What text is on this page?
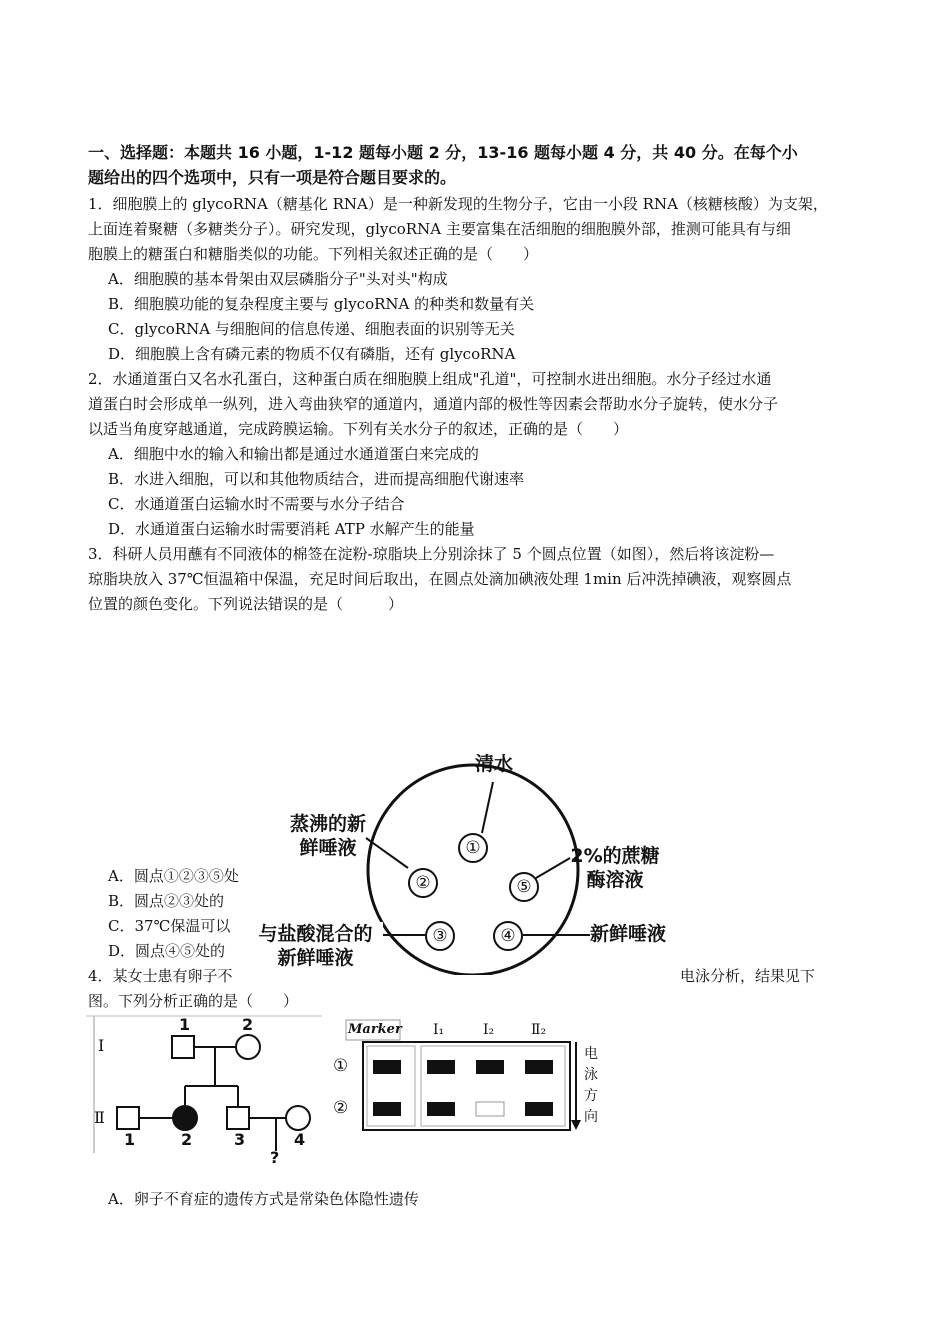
一、选择题：本题共 16 小题，1-12 题每小题 2 分，13-16 题每小题 4 分，共 40 分。在每个小
题给出的四个选项中，只有一项是符合题目要求的。
1．细胞膜上的 glycoRNA（糖基化 RNA）是一种新发现的生物分子，它由一小段 RNA（核糖核酸）为支架，
上面连着聚糖（多糖类分子）。研究发现，glycoRNA 主要富集在活细胞的细胞膜外部，推测可能具有与细
胞膜上的糖蛋白和糖脂类似的功能。下列相关叙述正确的是（　　）
A．细胞膜的基本骨架由双层磷脂分子"头对头"构成
B．细胞膜功能的复杂程度主要与 glycoRNA 的种类和数量有关
C．glycoRNA 与细胞间的信息传递、细胞表面的识别等无关
D．细胞膜上含有磷元素的物质不仅有磷脂，还有 glycoRNA
2．水通道蛋白又名水孔蛋白，这种蛋白质在细胞膜上组成"孔道"，可控制水进出细胞。水分子经过水通
道蛋白时会形成单一纵列，进入弯曲狭窄的通道内，通道内部的极性等因素会帮助水分子旋转，使水分子
以适当角度穿越通道，完成跨膜运输。下列有关水分子的叙述，正确的是（　　）
A．细胞中水的输入和输出都是通过水通道蛋白来完成的
B．水进入细胞，可以和其他物质结合，进而提高细胞代谢速率
C．水通道蛋白运输水时不需要与水分子结合
D．水通道蛋白运输水时需要消耗 ATP 水解产生的能量
3．科研人员用蘸有不同液体的棉签在淀粉-琼脂块上分别涂抹了 5 个圆点位置（如图），然后将该淀粉—
琼脂块放入 37℃恒温箱中保温，充足时间后取出，在圆点处滴加碘液处理 1min 后冲洗掉碘液，观察圆点
位置的颜色变化。下列说法错误的是（　　　）
A．圆点①②③⑤处
B．圆点②③处的
C．37℃保温可以
D．圆点④⑤处的
①
②	⑤
③	④
清水
蒸沸的新
鲜唾液	2%的蔗糖
酶溶液
与盐酸混合的
新鲜唾液
新鲜唾液
4．某女士患有卵子不	电泳分析，结果见下
图。下列分析正确的是（　　）
Ⅰ
Ⅱ
1	2
1	2	3	4
?
Marker Ⅰ₁	Ⅰ₂	Ⅱ₂
①
②
电
泳
方
向
A．卵子不育症的遗传方式是常染色体隐性遗传
